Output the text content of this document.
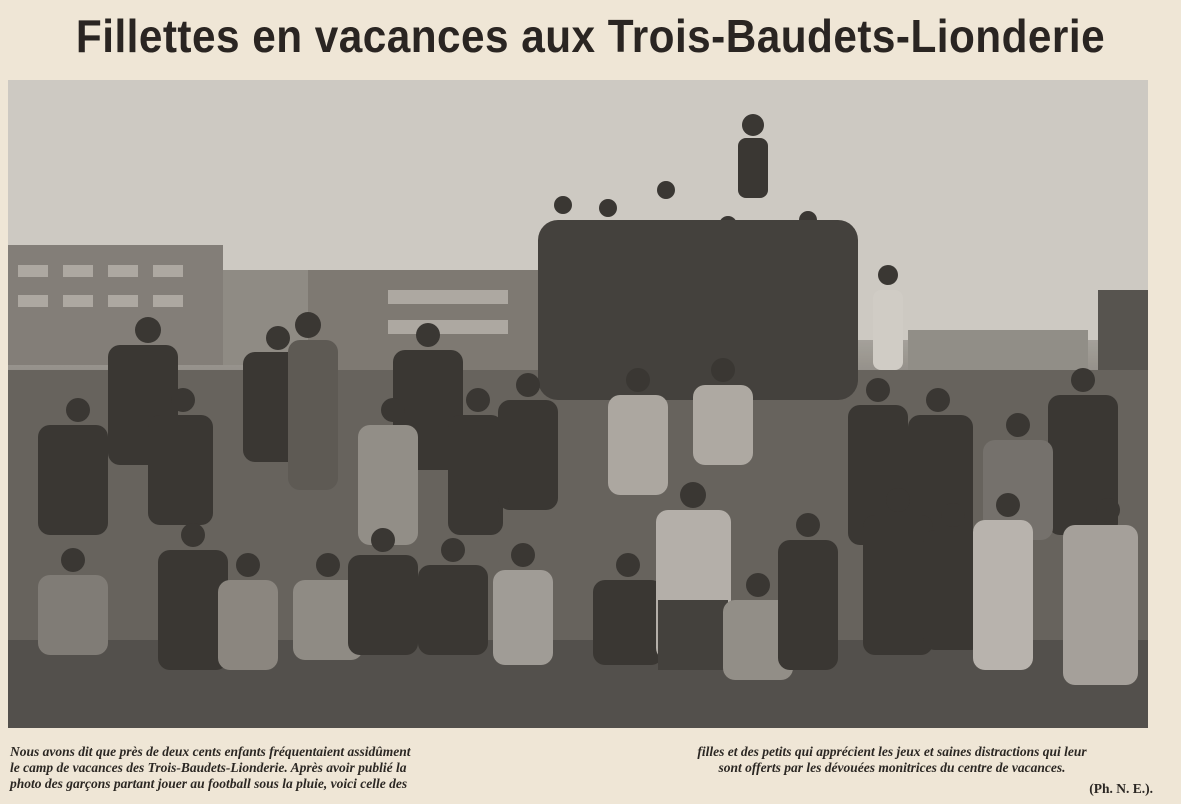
Fillettes en vacances aux Trois-Baudets-Lionderie
Nous avons dit que près de deux cents enfants fréquentaient assidûment
le camp de vacances des Trois-Baudets-Lionderie. Après avoir publié la
photo des garçons partant jouer au football sous la pluie, voici celle des
filles et des petits qui apprécient les jeux et saines distractions qui leur
sont offerts par les dévouées monitrices du centre de vacances.
(Ph. N. E.).
